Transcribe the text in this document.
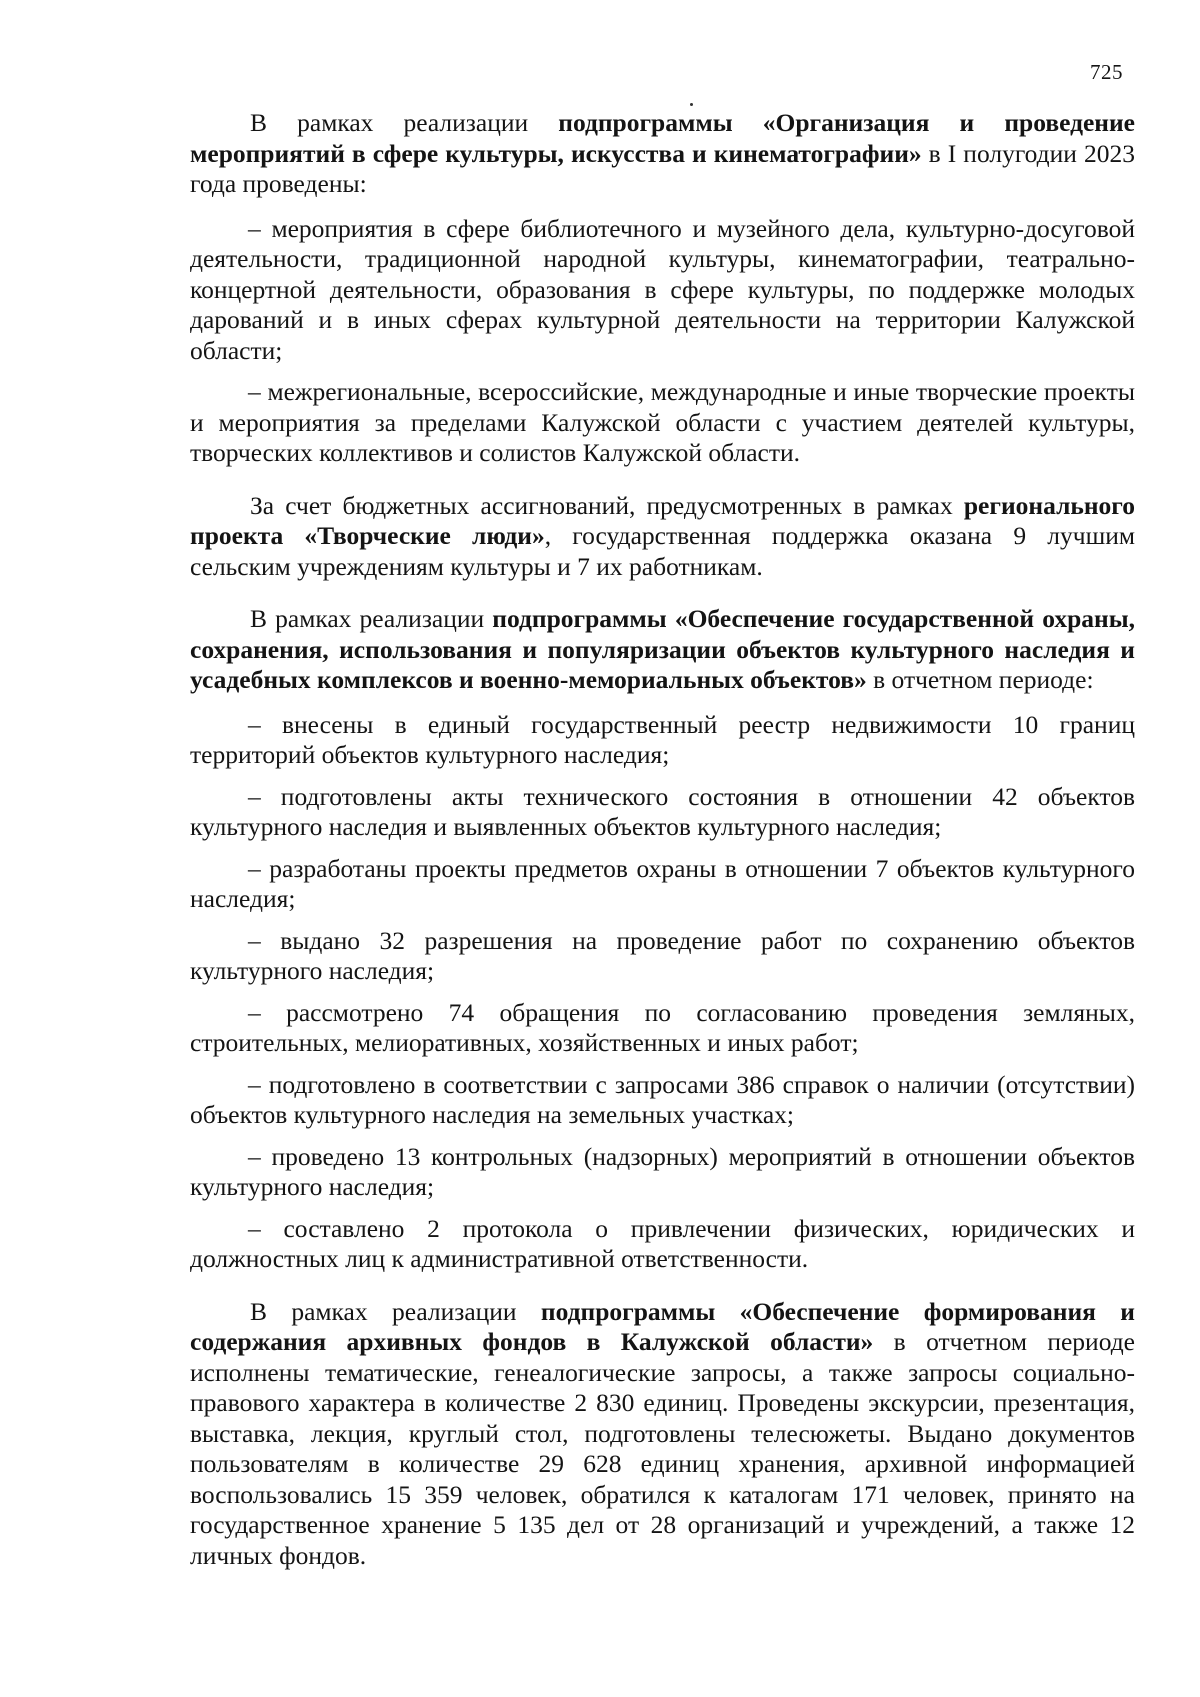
725

В рамках реализации подпрограммы «Организация и проведение мероприятий в сфере культуры, искусства и кинематографии» в I полугодии 2023 года проведены:

– мероприятия в сфере библиотечного и музейного дела, культурно-досуговой деятельности, традиционной народной культуры, кинематографии, театрально-концертной деятельности, образования в сфере культуры, по поддержке молодых дарований и в иных сферах культурной деятельности на территории Калужской области;

– межрегиональные, всероссийские, международные и иные творческие проекты и мероприятия за пределами Калужской области с участием деятелей культуры, творческих коллективов и солистов Калужской области.

За счет бюджетных ассигнований, предусмотренных в рамках регионального проекта «Творческие люди», государственная поддержка оказана 9 лучшим сельским учреждениям культуры и 7 их работникам.

В рамках реализации подпрограммы «Обеспечение государственной охраны, сохранения, использования и популяризации объектов культурного наследия и усадебных комплексов и военно-мемориальных объектов» в отчетном периоде:

– внесены в единый государственный реестр недвижимости 10 границ территорий объектов культурного наследия;

– подготовлены акты технического состояния в отношении 42 объектов культурного наследия и выявленных объектов культурного наследия;

– разработаны проекты предметов охраны в отношении 7 объектов культурного наследия;

– выдано 32 разрешения на проведение работ по сохранению объектов культурного наследия;

– рассмотрено 74 обращения по согласованию проведения земляных, строительных, мелиоративных, хозяйственных и иных работ;

– подготовлено в соответствии с запросами 386 справок о наличии (отсутствии) объектов культурного наследия на земельных участках;

– проведено 13 контрольных (надзорных) мероприятий в отношении объектов культурного наследия;

– составлено 2 протокола о привлечении физических, юридических и должностных лиц к административной ответственности.

В рамках реализации подпрограммы «Обеспечение формирования и содержания архивных фондов в Калужской области» в отчетном периоде исполнены тематические, генеалогические запросы, а также запросы социально-правового характера в количестве 2 830 единиц. Проведены экскурсии, презентация, выставка, лекция, круглый стол, подготовлены телесюжеты. Выдано документов пользователям в количестве 29 628 единиц хранения, архивной информацией воспользовались 15 359 человек, обратился к каталогам 171 человек, принято на государственное хранение 5 135 дел от 28 организаций и учреждений, а также 12 личных фондов.
